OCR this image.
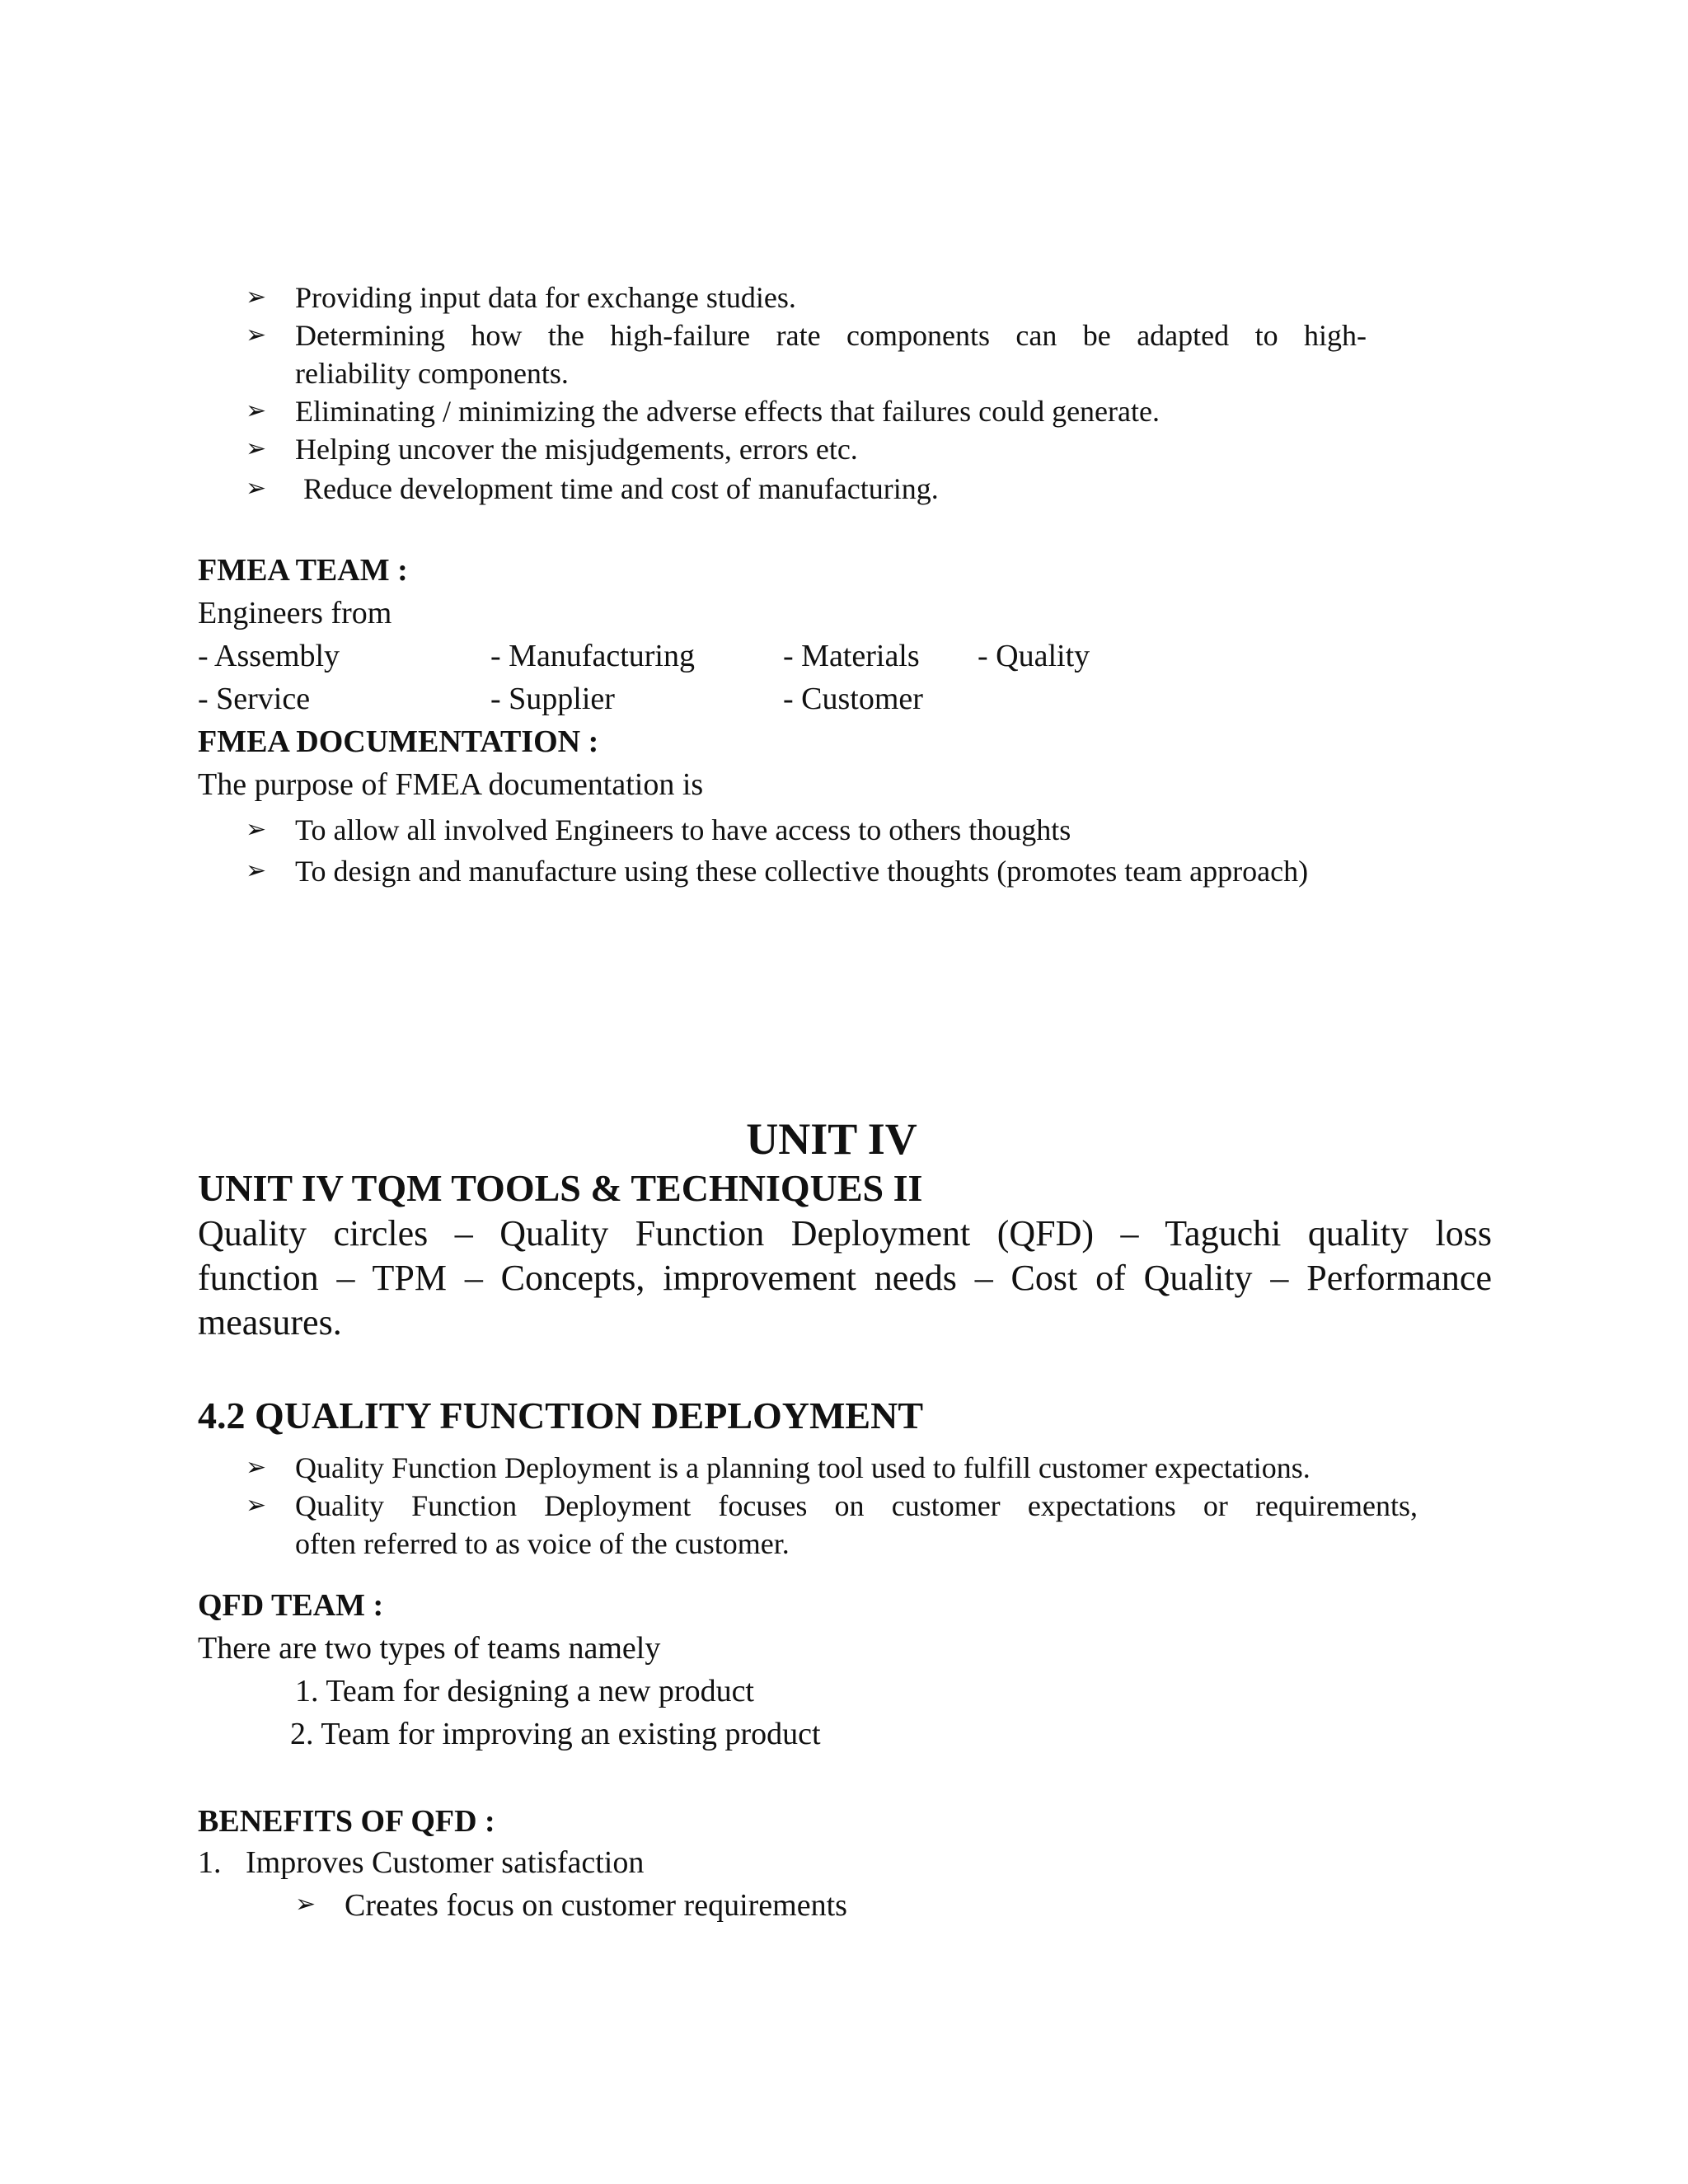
➢ Providing input data for exchange studies.
➢ Determining how the high-failure rate components can be adapted to high-
reliability components.
➢ Eliminating / minimizing the adverse effects that failures could generate.
➢ Helping uncover the misjudgements, errors etc.
➢ Reduce development time and cost of manufacturing.
FMEA TEAM :
Engineers from
- Assembly	- Manufacturing	- Materials - Quality
- Service	- Supplier	- Customer
FMEA DOCUMENTATION :
The purpose of FMEA documentation is
➢ To allow all involved Engineers to have access to others thoughts
➢ To design and manufacture using these collective thoughts (promotes team approach)
UNIT IV
UNIT IV TQM TOOLS & TECHNIQUES II
Quality circles – Quality Function Deployment (QFD) – Taguchi quality loss
function – TPM – Concepts, improvement needs – Cost of Quality – Performance
measures.
4.2 QUALITY FUNCTION DEPLOYMENT
➢ Quality Function Deployment is a planning tool used to fulfill customer expectations.
➢ Quality Function Deployment focuses on customer expectations or requirements,
often referred to as voice of the customer.
QFD TEAM :
There are two types of teams namely
1. Team for designing a new product
2. Team for improving an existing product
BENEFITS OF QFD :
1. Improves Customer satisfaction
➢ Creates focus on customer requirements
